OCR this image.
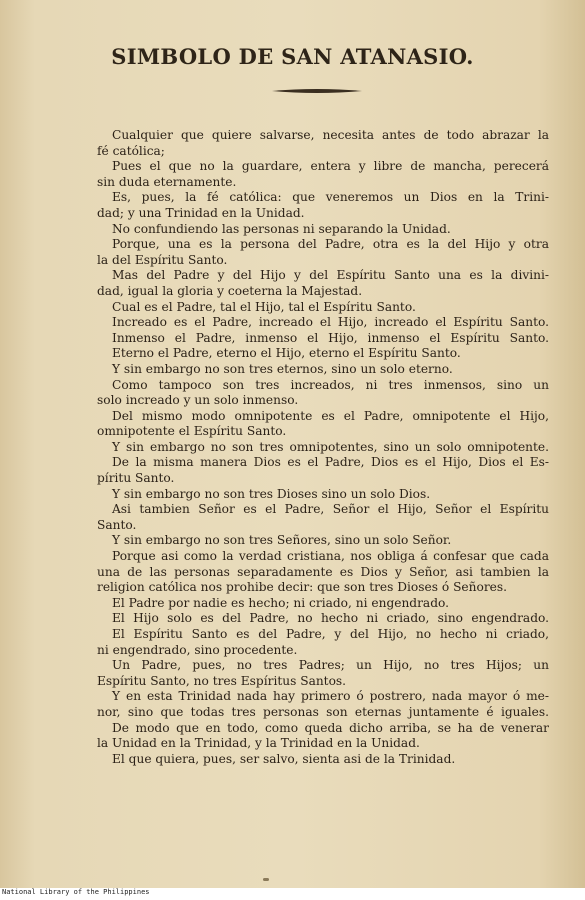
SIMBOLO DE SAN ATANASIO.
Cualquier que quiere salvarse, necesita antes de todo abrazar la
fé católica;
Pues el que no la guardare, entera y libre de mancha, perecerá
sin duda eternamente.
Es, pues, la fé católica: que veneremos un Dios en la Trini-
dad; y una Trinidad en la Unidad.
No confundiendo las personas ni separando la Unidad.
Porque, una es la persona del Padre, otra es la del Hijo y otra
la del Espíritu Santo.
Mas del Padre y del Hijo y del Espíritu Santo una es la divini-
dad, igual la gloria y coeterna la Majestad.
Cual es el Padre, tal el Hijo, tal el Espíritu Santo.
Increado es el Padre, increado el Hijo, increado el Espíritu Santo.
Inmenso el Padre, inmenso el Hijo, inmenso el Espíritu Santo.
Eterno el Padre, eterno el Hijo, eterno el Espíritu Santo.
Y sin embargo no son tres eternos, sino un solo eterno.
Como tampoco son tres increados, ni tres inmensos, sino un
solo increado y un solo inmenso.
Del mismo modo omnipotente es el Padre, omnipotente el Hijo,
omnipotente el Espíritu Santo.
Y sin embargo no son tres omnipotentes, sino un solo omnipotente.
De la misma manera Dios es el Padre, Dios es el Hijo, Dios el Es-
píritu Santo.
Y sin embargo no son tres Dioses sino un solo Dios.
Asi tambien Señor es el Padre, Señor el Hijo, Señor el Espíritu
Santo.
Y sin embargo no son tres Señores, sino un solo Señor.
Porque asi como la verdad cristiana, nos obliga á confesar que cada
una de las personas separadamente es Dios y Señor, asi tambien la
religion católica nos prohibe decir: que son tres Dioses ó Señores.
El Padre por nadie es hecho; ni criado, ni engendrado.
El Hijo solo es del Padre, no hecho ni criado, sino engendrado.
El Espíritu Santo es del Padre, y del Hijo, no hecho ni criado,
ni engendrado, sino procedente.
Un Padre, pues, no tres Padres; un Hijo, no tres Hijos; un
Espíritu Santo, no tres Espíritus Santos.
Y en esta Trinidad nada hay primero ó postrero, nada mayor ó me-
nor, sino que todas tres personas son eternas juntamente é iguales.
De modo que en todo, como queda dicho arriba, se ha de venerar
la Unidad en la Trinidad, y la Trinidad en la Unidad.
El que quiera, pues, ser salvo, sienta asi de la Trinidad.
National Library of the Philippines
